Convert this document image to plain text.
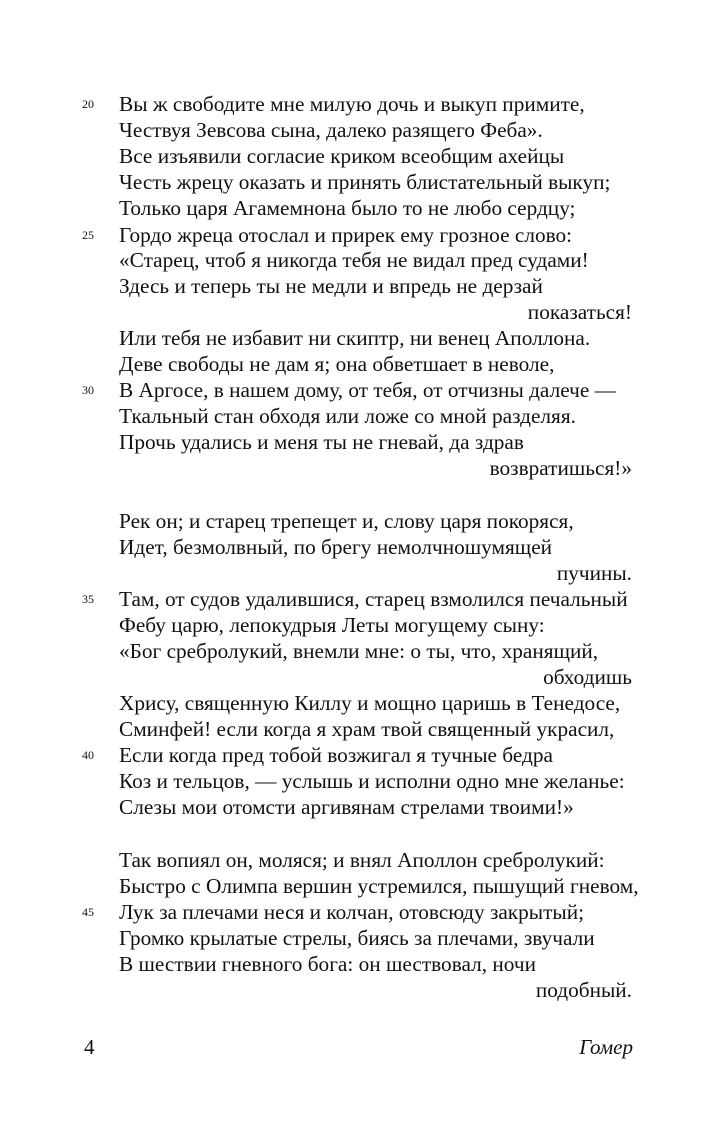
20
25
30
35
40
45
Вы ж свободите мне милую дочь и выкуп примите,
Чествуя Зевсова сына, далеко разящего Феба».
Все изъявили согласие криком всеобщим ахейцы
Честь жрецу оказать и принять блистательный выкуп;
Только царя Агамемнона было то не любо сердцу;
Гордо жреца отослал и прирек ему грозное слово:
«Старец, чтоб я никогда тебя не видал пред судами!
Здесь и теперь ты не медли и впредь не дерзай
показаться!
Или тебя не избавит ни скиптр, ни венец Аполлона.
Деве свободы не дам я; она обветшает в неволе,
В Аргосе, в нашем дому, от тебя, от отчизны далече —
Ткальный стан обходя или ложе со мной разделяя.
Прочь удались и меня ты не гневай, да здрав
возвратишься!»
Рек он; и старец трепещет и, слову царя покоряся,
Идет, безмолвный, по брегу немолчношумящей
пучины.
Там, от судов удалившися, старец взмолился печальный
Фебу царю, лепокудрыя Леты могущему сыну:
«Бог сребролукий, внемли мне: о ты, что, хранящий,
обходишь
Хрису, священную Киллу и мощно царишь в Тенедосе,
Сминфей! если когда я храм твой священный украсил,
Если когда пред тобой возжигал я тучные бедра
Коз и тельцов, — услышь и исполни одно мне желанье:
Слезы мои отомсти аргивянам стрелами твоими!»
Так вопиял он, моляся; и внял Аполлон сребролукий:
Быстро с Олимпа вершин устремился, пышущий гневом,
Лук за плечами неся и колчан, отовсюду закрытый;
Громко крылатые стрелы, биясь за плечами, звучали
В шествии гневного бога: он шествовал, ночи
подобный.
4	Гомер
